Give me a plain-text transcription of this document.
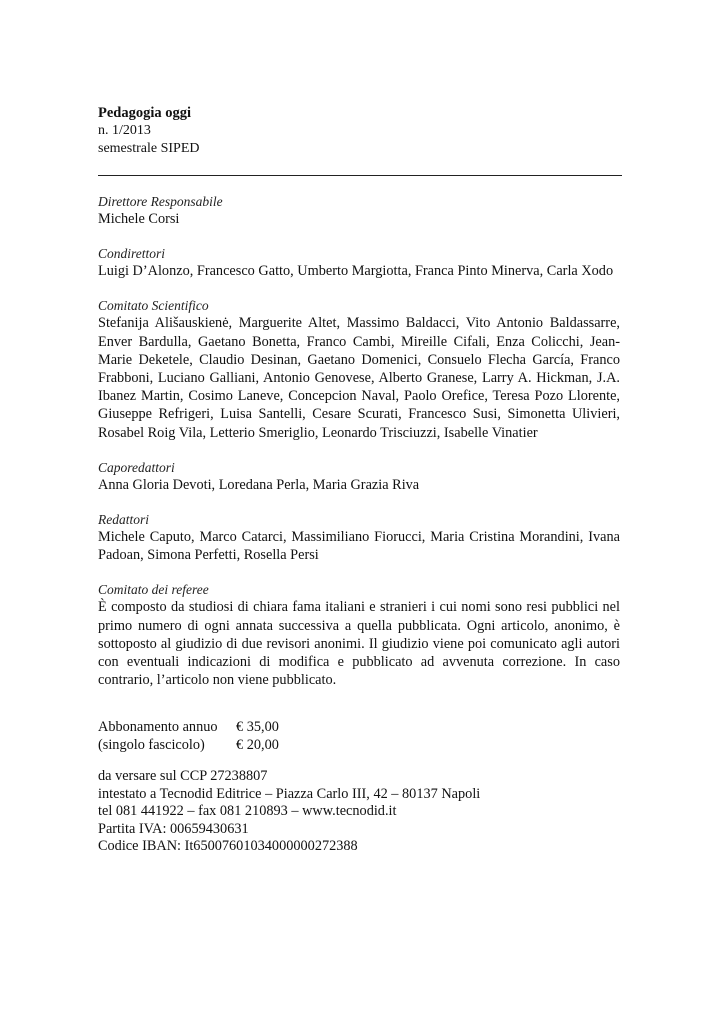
Pedagogia oggi
n. 1/2013
semestrale SIPED
Direttore Responsabile
Michele Corsi
Condirettori
Luigi D’Alonzo, Francesco Gatto, Umberto Margiotta, Franca Pinto Minerva, Carla Xodo
Comitato Scientifico
Stefanija Ališauskienė, Marguerite Altet, Massimo Baldacci, Vito Antonio Baldassarre, Enver Bardulla, Gaetano Bonetta, Franco Cambi, Mireille Cifali, Enza Colicchi, Jean-Marie Deketele, Claudio Desinan, Gaetano Domenici, Consuelo Flecha García, Franco Frabboni, Luciano Galliani, Antonio Genovese, Alberto Granese, Larry A. Hickman, J.A. Ibanez Martin, Cosimo Laneve, Concepcion Naval, Paolo Orefice, Teresa Pozo Llorente, Giuseppe Refrigeri, Luisa Santelli, Cesare Scurati, Francesco Susi, Simonetta Ulivieri, Rosabel Roig Vila, Letterio Smeriglio, Leonardo Trisciuzzi, Isabelle Vinatier
Caporedattori
Anna Gloria Devoti, Loredana Perla, Maria Grazia Riva
Redattori
Michele Caputo, Marco Catarci, Massimiliano Fiorucci, Maria Cristina Morandini, Ivana Padoan, Simona Perfetti, Rosella Persi
Comitato dei referee
È composto da studiosi di chiara fama italiani e stranieri i cui nomi sono resi pubblici nel primo numero di ogni annata successiva a quella pubblicata. Ogni articolo, anonimo, è sottoposto al giudizio di due revisori anonimi. Il giudizio viene poi comunicato agli autori con eventuali indicazioni di modifica e pubblicato ad avvenuta correzione. In caso contrario, l’articolo non viene pubblicato.
Abbonamento annuo	€ 35,00
(singolo fascicolo)	€ 20,00
da versare sul CCP 27238807
intestato a Tecnodid Editrice – Piazza Carlo III, 42 – 80137 Napoli
tel 081 441922 – fax 081 210893 – www.tecnodid.it
Partita IVA: 00659430631
Codice IBAN: It65007601034000000272388
